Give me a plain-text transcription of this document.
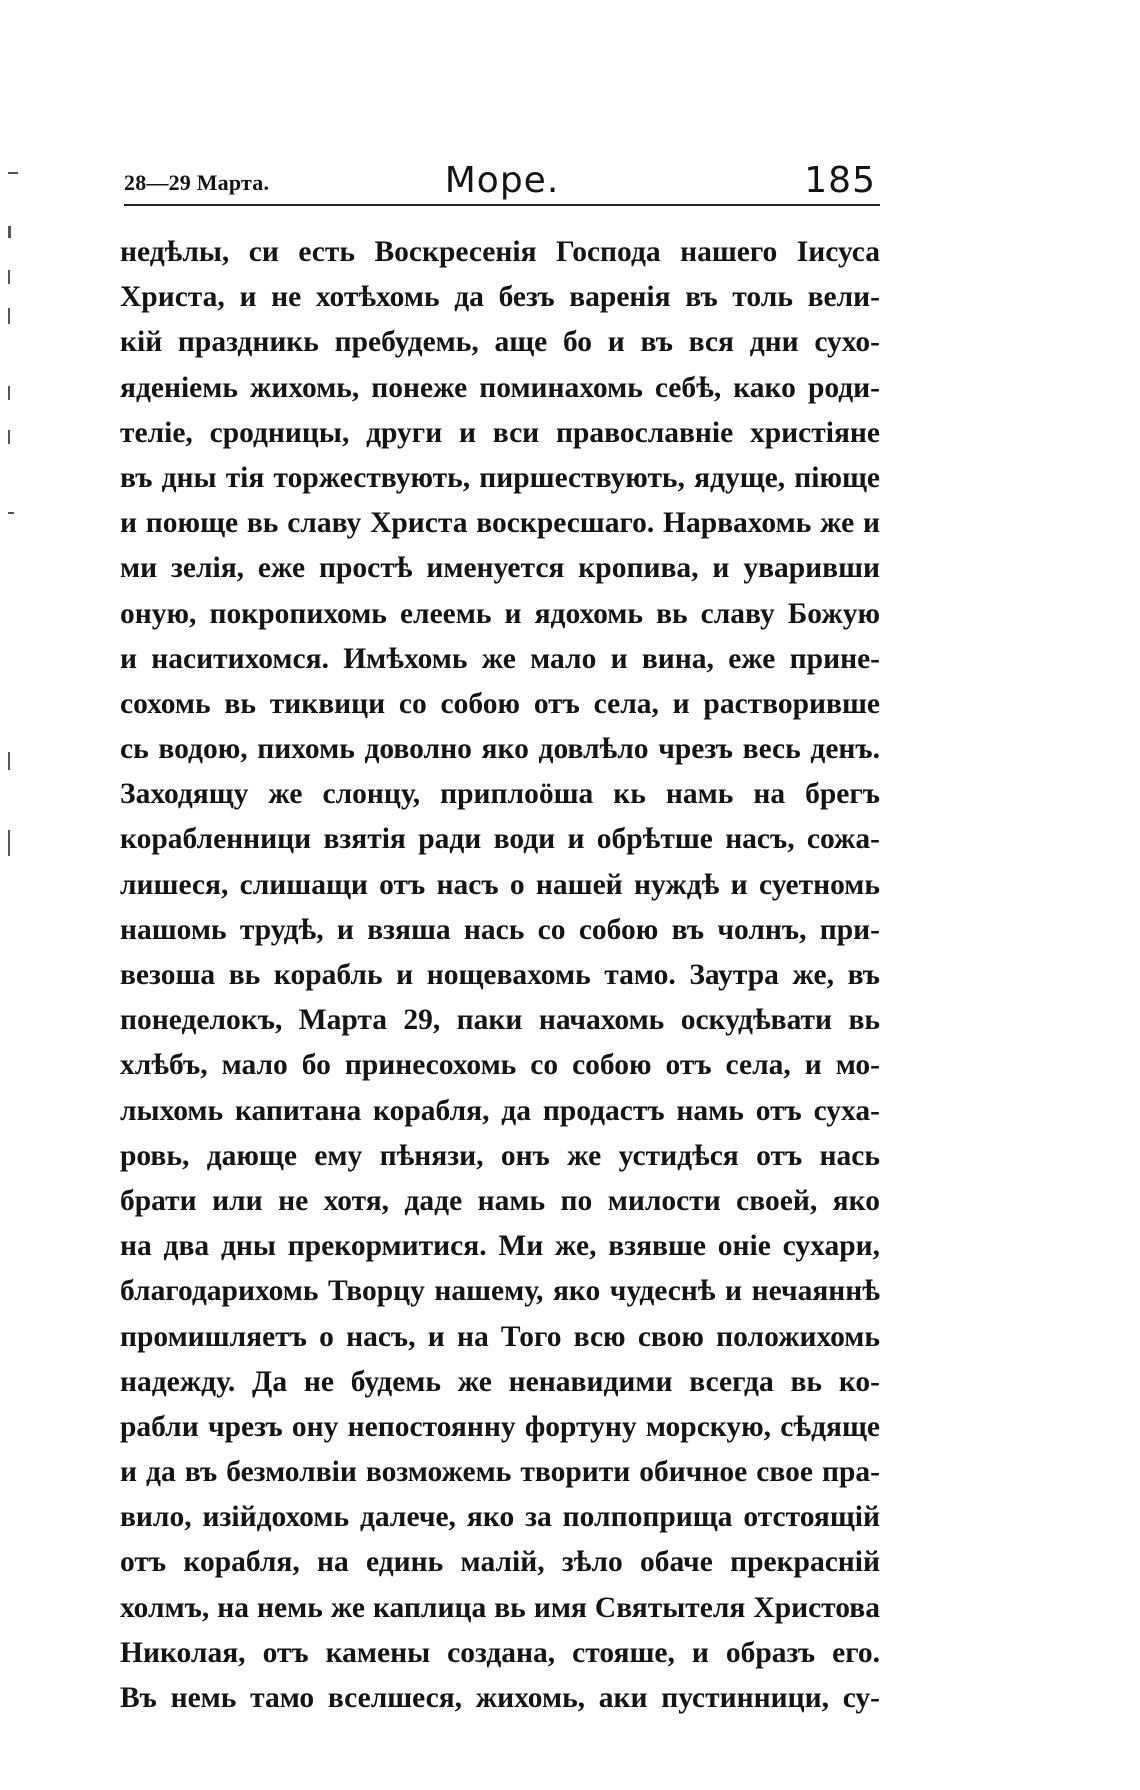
28—29 Марта.	Море.	185
недѣлы, си есть Воскресенія Господа нашего Іисуса
Христа, и не хотѣхомь да безъ варенія въ толь вели-
кій праздникь пребудемь, аще бо и въ вся дни сухо-
яденіемь жихомь, понеже поминахомь себѣ, како роди-
телiе, сродницы, други и вси православніе христiяне
въ дны тія торжествують, пиршествують, ядуще, піюще
и поюще вь славу Христа воскресшаго. Нарвахомь же и
ми зелія, еже простѣ именуется кропива, и уваривши
оную, покропихомь елеемь и ядохомь вь славу Божую
и наситихомся. Имѣхомь же мало и вина, еже принe-
сохомь вь тиквици со собою отъ села, и растворивше
сь водою, пихомь доволно яко довлѣло чрезъ весь денъ.
Заходящу же слонцу, приплоӧша кь намь на брегъ
корабленници взятія ради води и обрѣтше насъ, сожа-
лишеся, слишащи отъ насъ о нашей нуждѣ и суетномь
нашомь трудѣ, и взяша нась со собою въ чолнъ, при-
везоша вь корабль и нощевахомь тамо. Заутра же, въ
понеделокъ, Марта 29, паки начахомь оскудѣвати вь
хлѣбъ, мало бо принесохомь со собою отъ села, и мо-
лыхомь капитана корабля, да продастъ намь отъ суха-
ровь, дающе ему пѣнязи, онъ же устидѣся отъ нась
брати или не хотя, даде намь по милости своей, яко
на два дны прекормитися. Ми же, взявше оніе сухари,
благодарихомь Творцу нашему, яко чудеснѣ и нечаяннѣ
промишляетъ о насъ, и на Того всю свою положихомь
надежду. Да не будемь же ненавидими всегда вь ко-
рабли чрезъ ону непостоянну фортуну морскую, сѣдяще
и да въ безмолвіи возможемь творити обичное свое пра-
вило, изійдохомь далече, яко за полпоприща отстоящій
отъ корабля, на единь малій, зѣло обаче прекраснiй
холмъ, на немь же каплица вь имя Святытеля Христова
Николая, отъ камены создана, стояше, и образъ его.
Въ немь тамо вселшеся, жихомь, аки пустинници, су-
